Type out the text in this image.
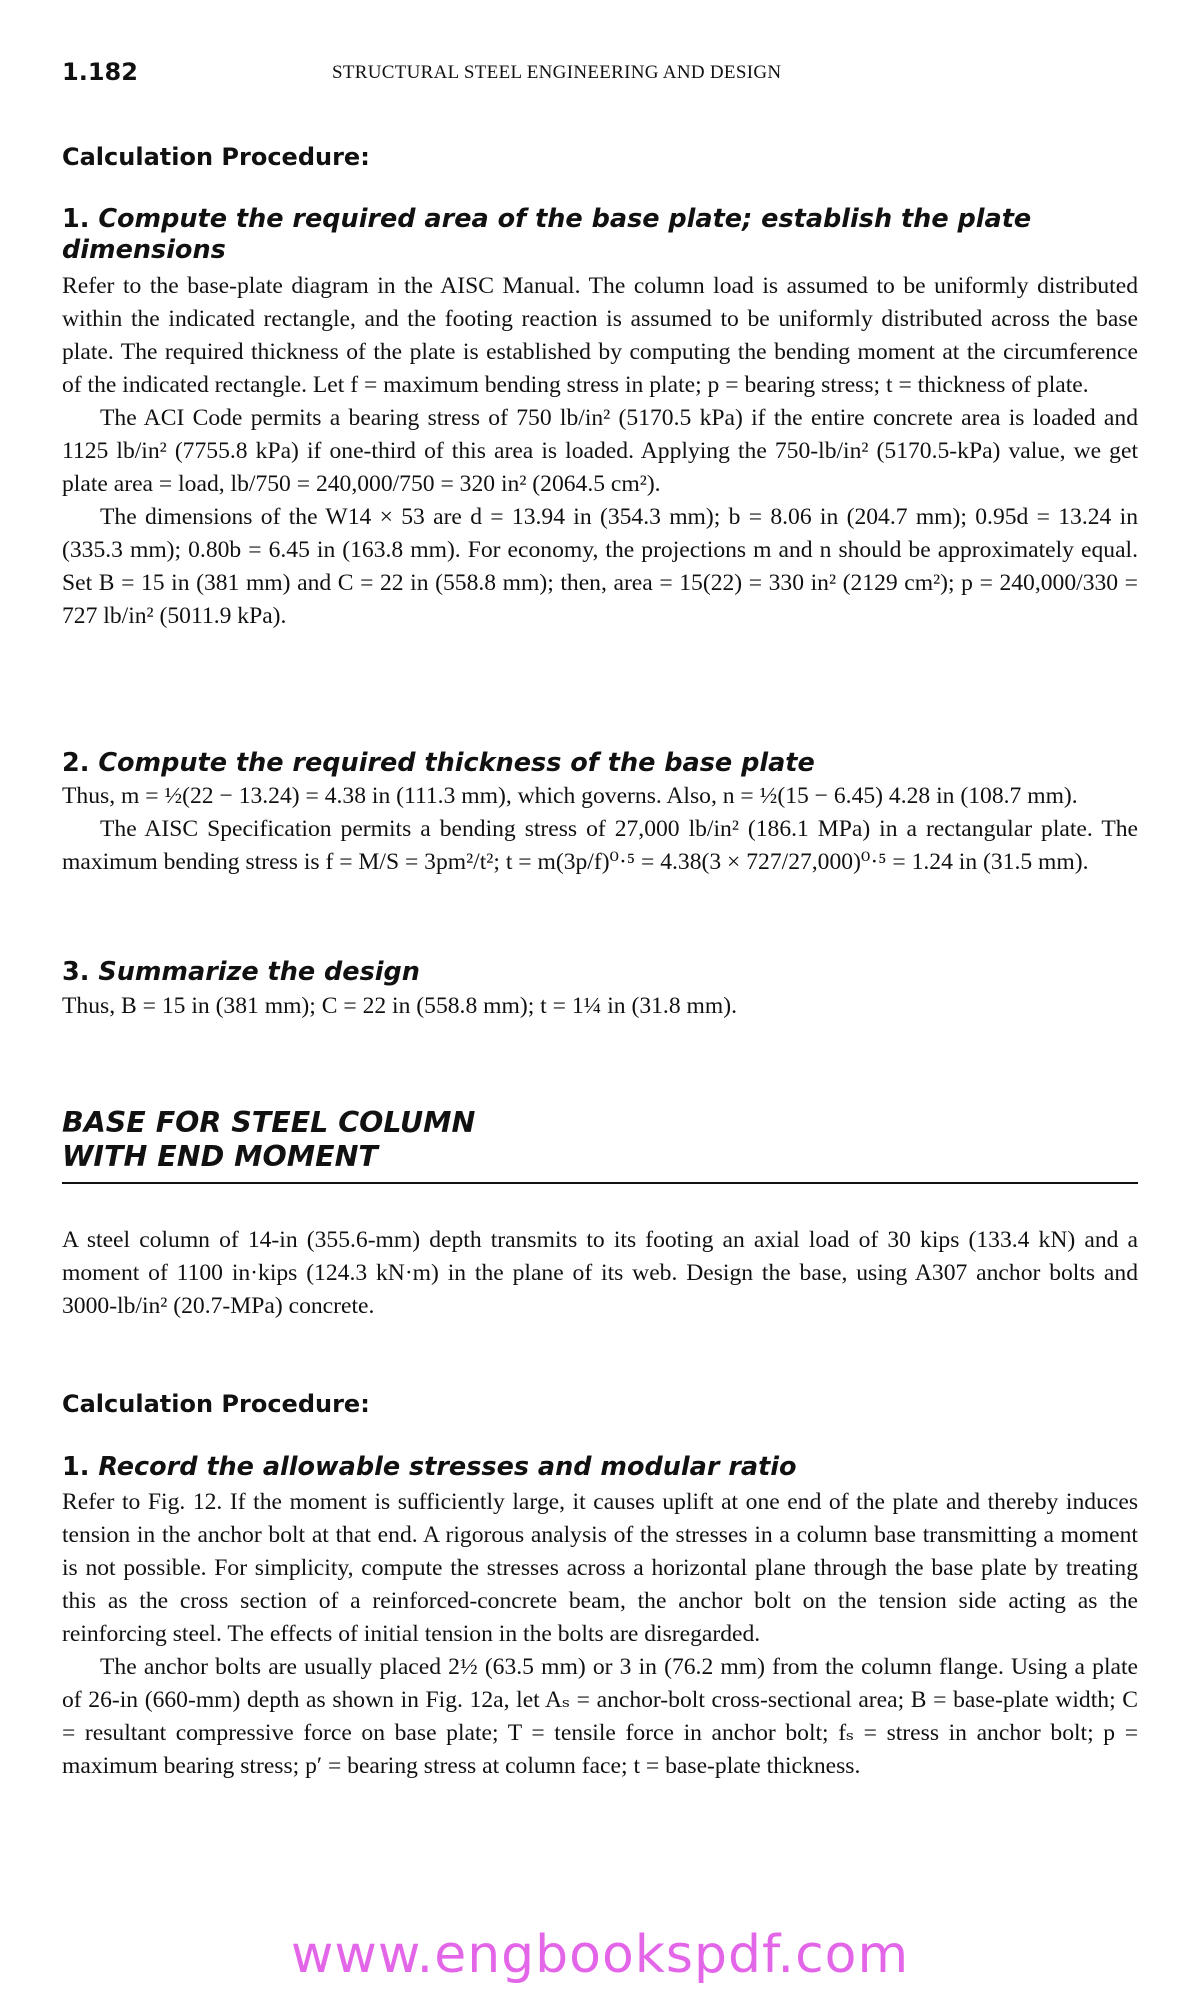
1.182	STRUCTURAL STEEL ENGINEERING AND DESIGN
Calculation Procedure:
1. Compute the required area of the base plate; establish the plate dimensions

Refer to the base-plate diagram in the AISC Manual. The column load is assumed to be uniformly distributed within the indicated rectangle, and the footing reaction is assumed to be uniformly distributed across the base plate. The required thickness of the plate is established by computing the bending moment at the circumference of the indicated rectangle. Let f = maximum bending stress in plate; p = bearing stress; t = thickness of plate.

The ACI Code permits a bearing stress of 750 lb/in² (5170.5 kPa) if the entire concrete area is loaded and 1125 lb/in² (7755.8 kPa) if one-third of this area is loaded. Applying the 750-lb/in² (5170.5-kPa) value, we get plate area = load, lb/750 = 240,000/750 = 320 in² (2064.5 cm²).

The dimensions of the W14 × 53 are d = 13.94 in (354.3 mm); b = 8.06 in (204.7 mm); 0.95d = 13.24 in (335.3 mm); 0.80b = 6.45 in (163.8 mm). For economy, the projections m and n should be approximately equal. Set B = 15 in (381 mm) and C = 22 in (558.8 mm); then, area = 15(22) = 330 in² (2129 cm²); p = 240,000/330 = 727 lb/in² (5011.9 kPa).

2. Compute the required thickness of the base plate

Thus, m = ½(22 − 13.24) = 4.38 in (111.3 mm), which governs. Also, n = ½(15 − 6.45) 4.28 in (108.7 mm).

The AISC Specification permits a bending stress of 27,000 lb/in² (186.1 MPa) in a rectangular plate. The maximum bending stress is f = M/S = 3pm²/t²; t = m(3p/f)⁰·⁵ = 4.38(3 × 727/27,000)⁰·⁵ = 1.24 in (31.5 mm).

3. Summarize the design

Thus, B = 15 in (381 mm); C = 22 in (558.8 mm); t = 1¼ in (31.8 mm).

BASE FOR STEEL COLUMN
WITH END MOMENT

A steel column of 14-in (355.6-mm) depth transmits to its footing an axial load of 30 kips (133.4 kN) and a moment of 1100 in·kips (124.3 kN·m) in the plane of its web. Design the base, using A307 anchor bolts and 3000-lb/in² (20.7-MPa) concrete.

Calculation Procedure:
1. Record the allowable stresses and modular ratio

Refer to Fig. 12. If the moment is sufficiently large, it causes uplift at one end of the plate and thereby induces tension in the anchor bolt at that end. A rigorous analysis of the stresses in a column base transmitting a moment is not possible. For simplicity, compute the stresses across a horizontal plane through the base plate by treating this as the cross section of a reinforced-concrete beam, the anchor bolt on the tension side acting as the reinforcing steel. The effects of initial tension in the bolts are disregarded.

The anchor bolts are usually placed 2½ (63.5 mm) or 3 in (76.2 mm) from the column flange. Using a plate of 26-in (660-mm) depth as shown in Fig. 12a, let Aₛ = anchor-bolt cross-sectional area; B = base-plate width; C = resultant compressive force on base plate; T = tensile force in anchor bolt; fₛ = stress in anchor bolt; p = maximum bearing stress; p′ = bearing stress at column face; t = base-plate thickness.

www.engbookspdf.com
